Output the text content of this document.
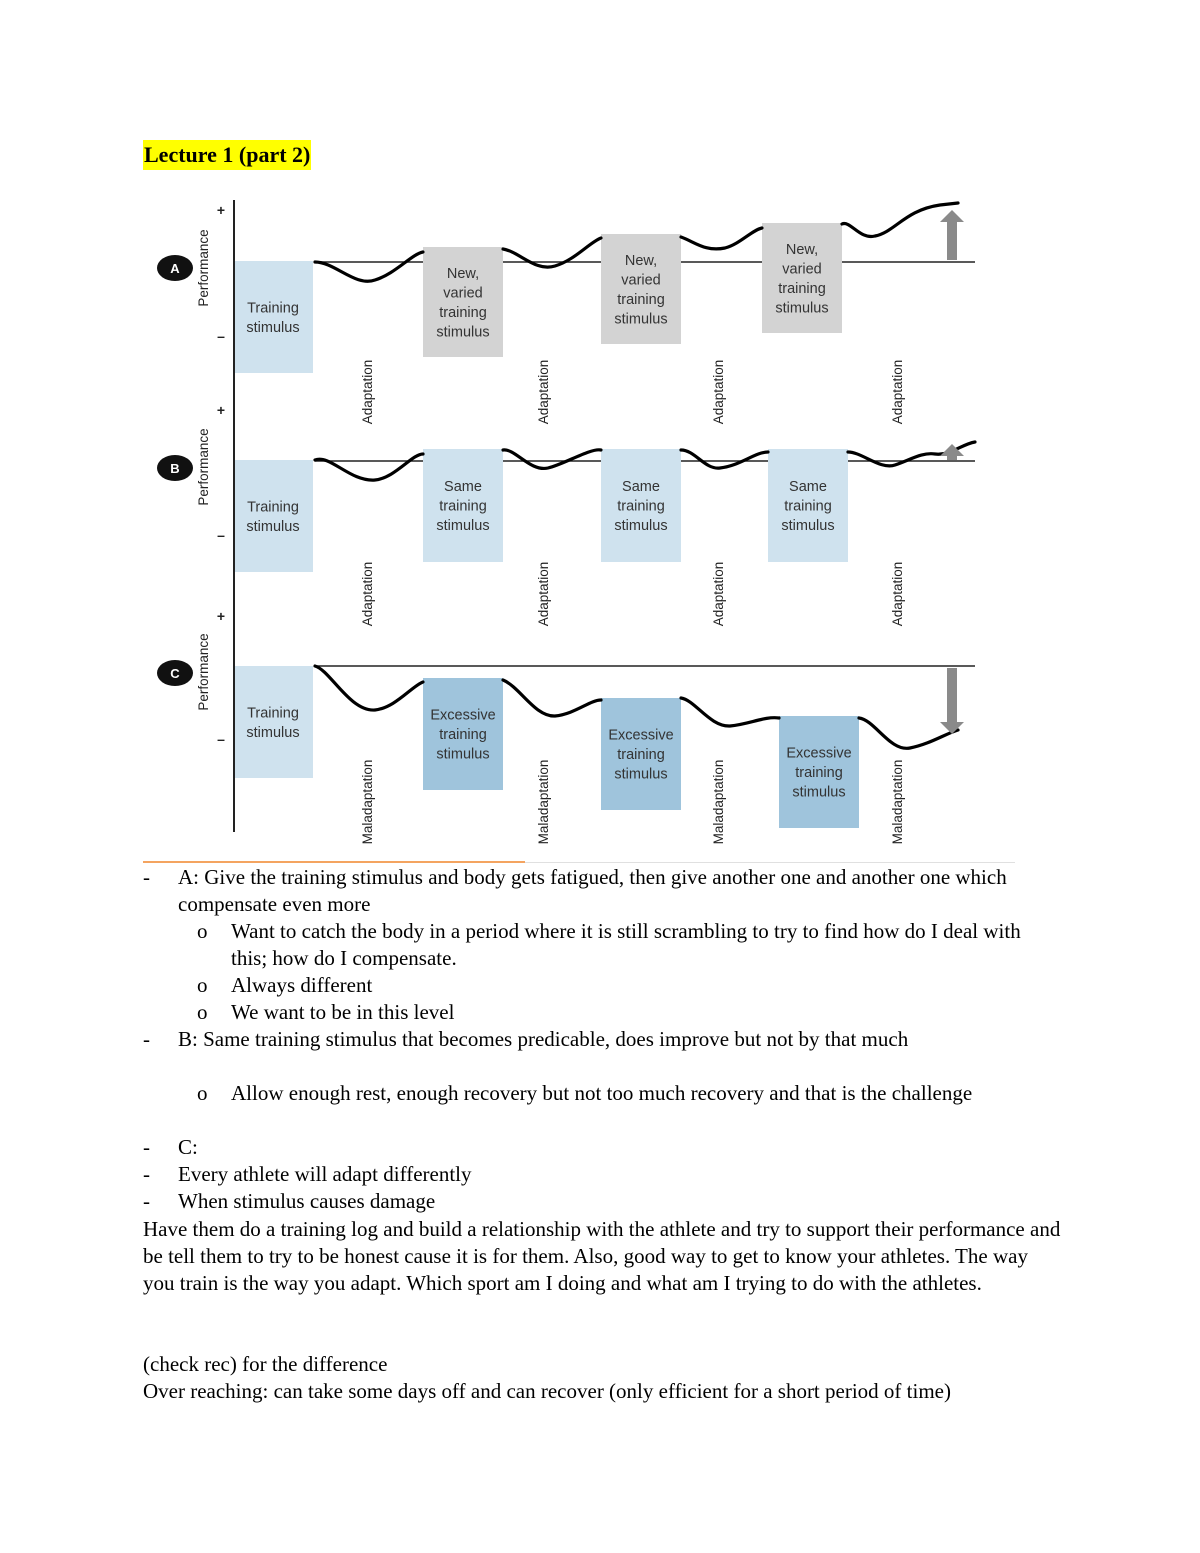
Lecture 1 (part 2)
+
–
Performance
A
Training stimulus
New, varied training stimulus
New, varied training stimulus
New, varied training stimulus
Adaptation	Adaptation	Adaptation	Adaptation
+
–
Performance
B
Training stimulus
Same training stimulus
Same training stimulus
Same training stimulus
Adaptation	Adaptation	Adaptation	Adaptation
+
–
Performance
C
Training stimulus
Excessive training stimulus
Excessive training stimulus
Excessive training stimulus
Maladaptation	Maladaptation	Maladaptation	Maladaptation
- A: Give the training stimulus and body gets fatigued, then give another one and another one which compensate even more
o Want to catch the body in a period where it is still scrambling to try to find how do I deal with this; how do I compensate.
o Always different
o We want to be in this level
- B: Same training stimulus that becomes predicable, does improve but not by that much
o Allow enough rest, enough recovery but not too much recovery and that is the challenge
- C:
- Every athlete will adapt differently
- When stimulus causes damage

Have them do a training log and build a relationship with the athlete and try to support their performance and be tell them to try to be honest cause it is for them. Also, good way to get to know your athletes. The way you train is the way you adapt. Which sport am I doing and what am I trying to do with the athletes.

(check rec) for the difference
Over reaching: can take some days off and can recover (only efficient for a short period of time)
